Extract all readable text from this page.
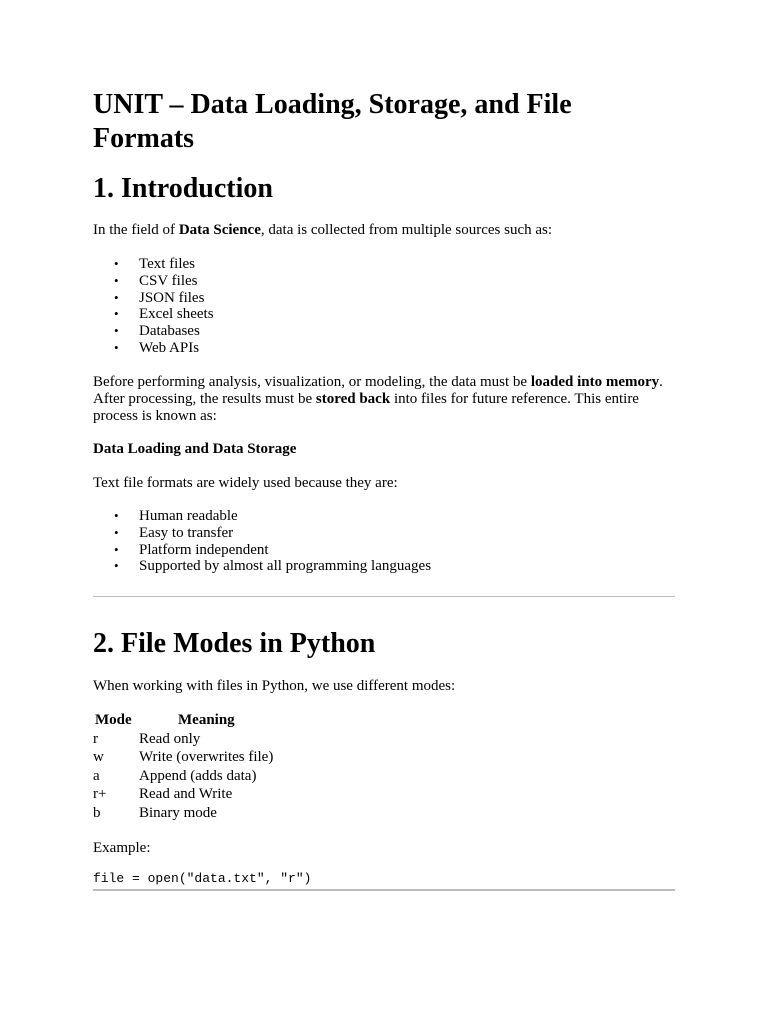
UNIT – Data Loading, Storage, and File Formats
1. Introduction

In the field of Data Science, data is collected from multiple sources such as:

• Text files
• CSV files
• JSON files
• Excel sheets
• Databases
• Web APIs

Before performing analysis, visualization, or modeling, the data must be loaded into memory. After processing, the results must be stored back into files for future reference. This entire process is known as:

Data Loading and Data Storage

Text file formats are widely used because they are:

• Human readable
• Easy to transfer
• Platform independent
• Supported by almost all programming languages
2. File Modes in Python

When working with files in Python, we use different modes:

Mode	Meaning
r	Read only
w	Write (overwrites file)
a	Append (adds data)
r+	Read and Write
b	Binary mode

Example:

file = open("data.txt", "r")
